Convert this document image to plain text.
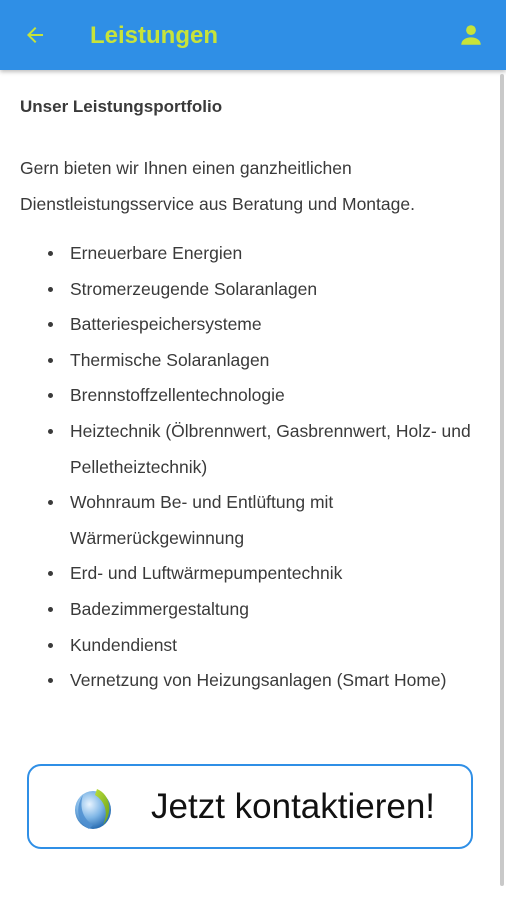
Leistungen
Unser Leistungsportfolio
Gern bieten wir Ihnen einen ganzheitlichen Dienstleistungsservice aus Beratung und Montage.
Erneuerbare Energien
Stromerzeugende Solaranlagen
Batteriespeichersysteme
Thermische Solaranlagen
Brennstoffzellentechnologie
Heiztechnik (Ölbrennwert, Gasbrennwert, Holz- und Pelletheiztechnik)
Wohnraum Be- und Entlüftung mit Wärmerückgewinnung
Erd- und Luftwärmepumpentechnik
Badezimmergestaltung
Kundendienst
Vernetzung von Heizungsanlagen (Smart Home)
Jetzt kontaktieren!
